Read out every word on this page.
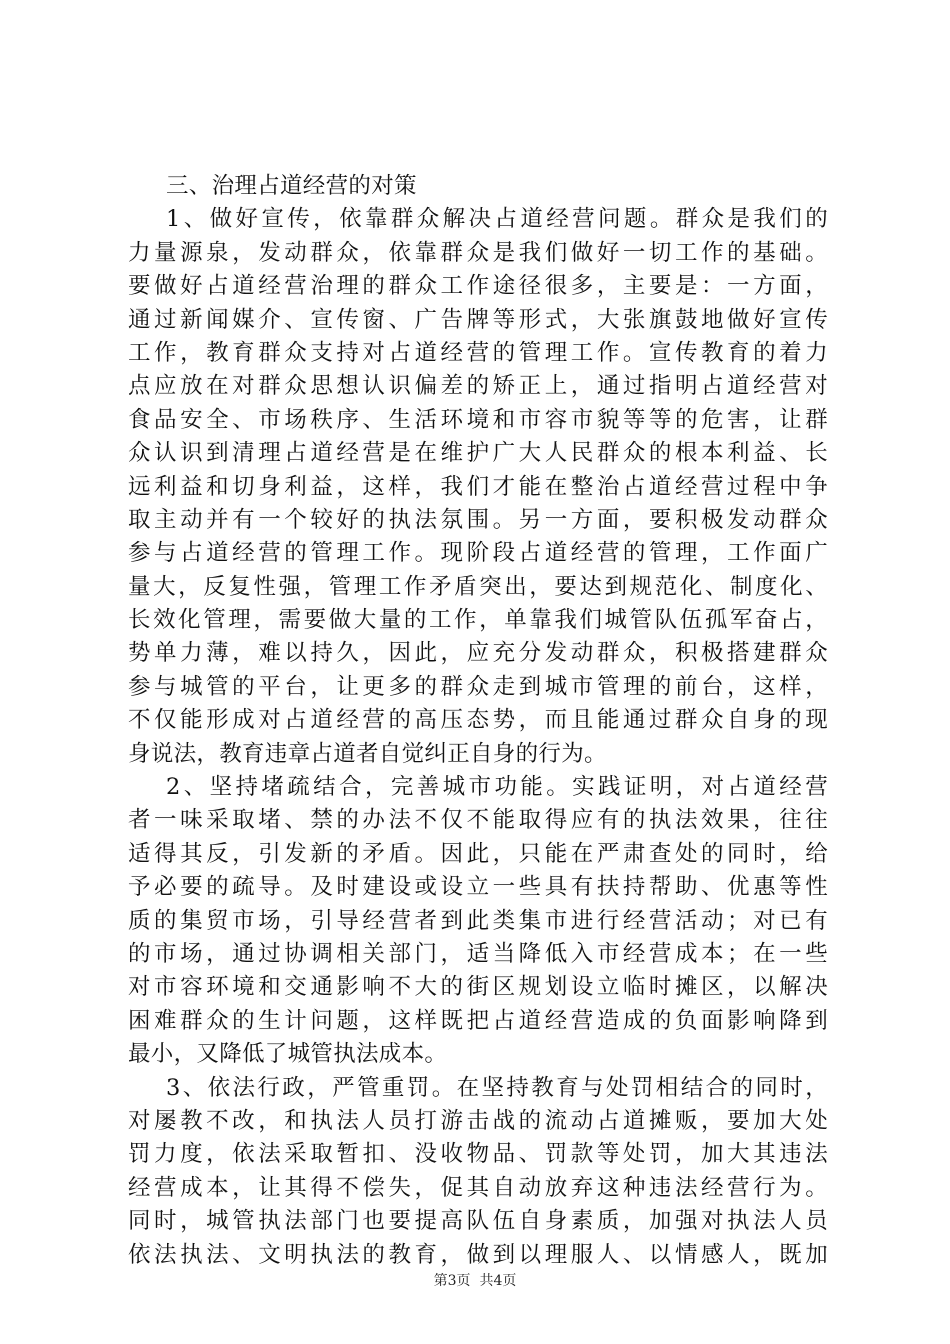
三、治理占道经营的对策
1、做好宣传，依靠群众解决占道经营问题。群众是我们的
力量源泉，发动群众，依靠群众是我们做好一切工作的基础。
要做好占道经营治理的群众工作途径很多，主要是：一方面，
通过新闻媒介、宣传窗、广告牌等形式，大张旗鼓地做好宣传
工作，教育群众支持对占道经营的管理工作。宣传教育的着力
点应放在对群众思想认识偏差的矫正上，通过指明占道经营对
食品安全、市场秩序、生活环境和市容市貌等等的危害，让群
众认识到清理占道经营是在维护广大人民群众的根本利益、长
远利益和切身利益，这样，我们才能在整治占道经营过程中争
取主动并有一个较好的执法氛围。另一方面，要积极发动群众
参与占道经营的管理工作。现阶段占道经营的管理，工作面广
量大，反复性强，管理工作矛盾突出，要达到规范化、制度化、
长效化管理，需要做大量的工作，单靠我们城管队伍孤军奋占，
势单力薄，难以持久，因此，应充分发动群众，积极搭建群众
参与城管的平台，让更多的群众走到城市管理的前台，这样，
不仅能形成对占道经营的高压态势，而且能通过群众自身的现
身说法，教育违章占道者自觉纠正自身的行为。
2、坚持堵疏结合，完善城市功能。实践证明，对占道经营
者一味采取堵、禁的办法不仅不能取得应有的执法效果，往往
适得其反，引发新的矛盾。因此，只能在严肃查处的同时，给
予必要的疏导。及时建设或设立一些具有扶持帮助、优惠等性
质的集贸市场，引导经营者到此类集市进行经营活动；对已有
的市场，通过协调相关部门，适当降低入市经营成本；在一些
对市容环境和交通影响不大的街区规划设立临时摊区，以解决
困难群众的生计问题，这样既把占道经营造成的负面影响降到
最小，又降低了城管执法成本。
3、依法行政，严管重罚。在坚持教育与处罚相结合的同时，
对屡教不改，和执法人员打游击战的流动占道摊贩，要加大处
罚力度，依法采取暂扣、没收物品、罚款等处罚，加大其违法
经营成本，让其得不偿失，促其自动放弃这种违法经营行为。
同时，城管执法部门也要提高队伍自身素质，加强对执法人员
依法执法、文明执法的教育，做到以理服人、以情感人，既加
第3页  共4页
